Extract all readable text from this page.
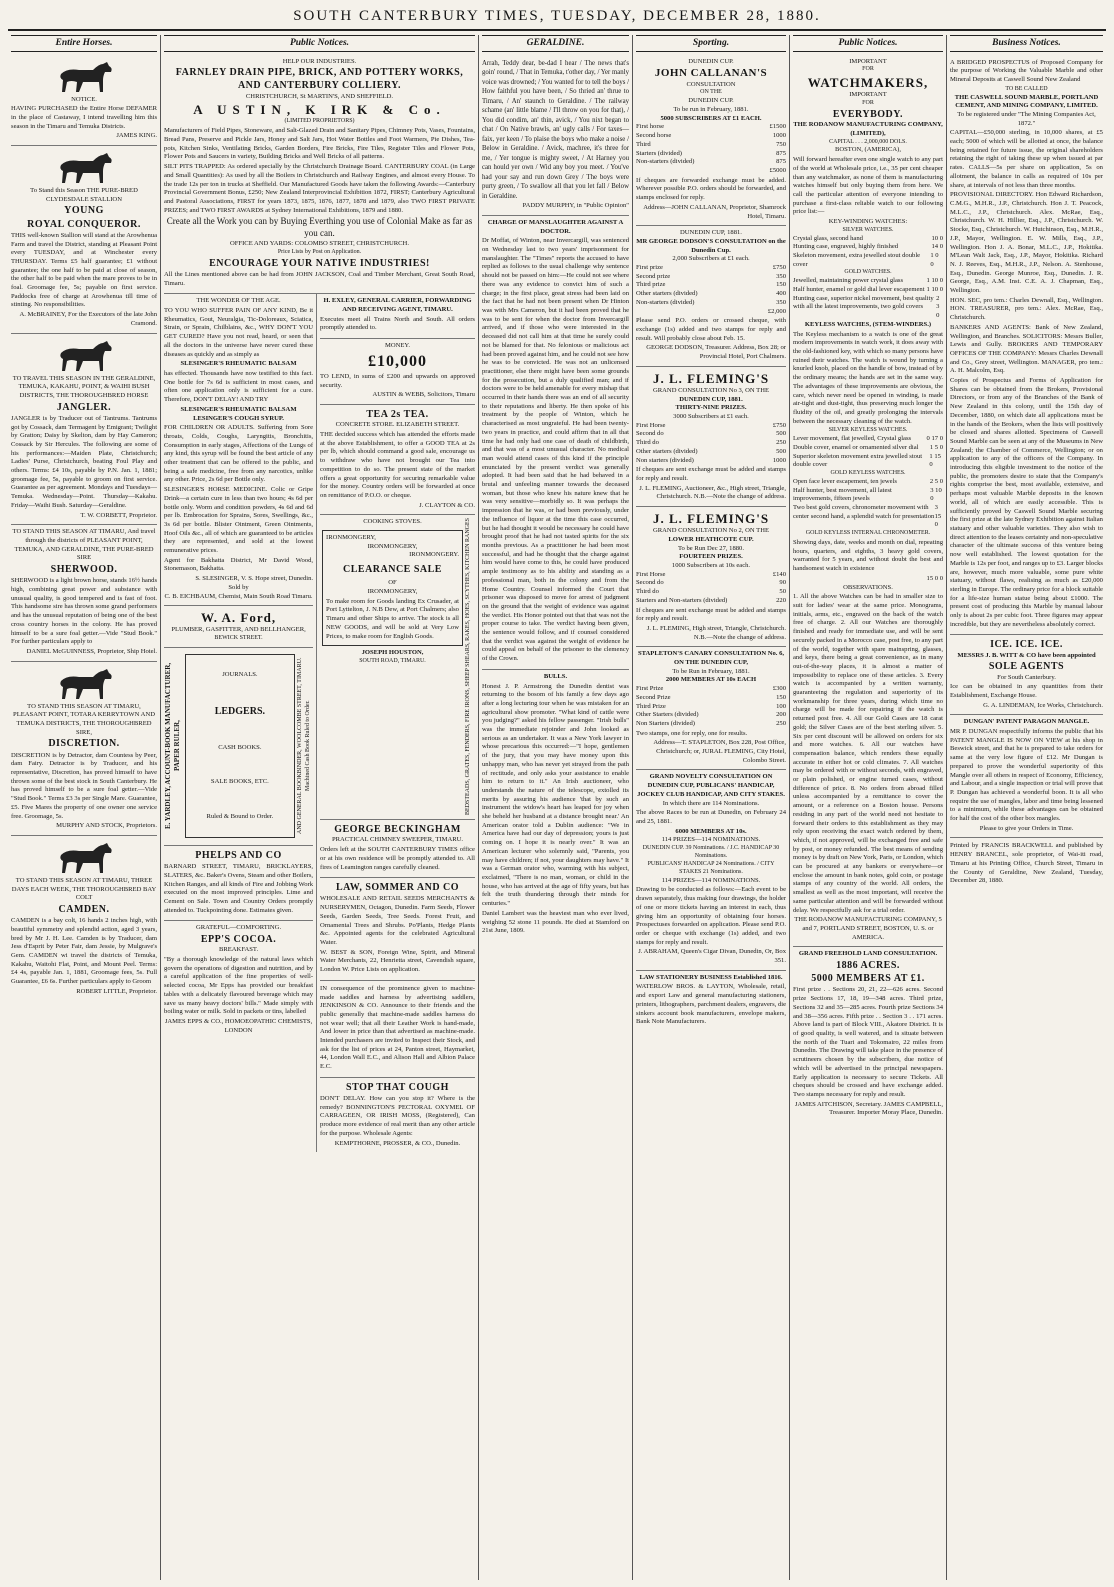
SOUTH CANTERBURY TIMES, TUESDAY, DECEMBER 28, 1880.
Entire Horses.
NOTICE.

HAVING PURCHASED the Entire Horse DEFAMER in the place of Castaway, I intend travelling him this season in the Timaru and Temuka Districts.

JAMES KING.
To Stand this Season THE PURE-BRED CLYDESDALE STALLION
YOUNG
ROYAL CONQUEROR.

THIS well-known Stallion will stand at the Arowhenua Farm and travel the District, standing at Pleasant Point every TUESDAY, and at Winchester every THURSDAY. Terms £5 half guarantee; £1 without guarantee; the one half to be paid at close of season, the other half to be paid when the mare proves to be in foal. Groomage fee, 5s; payable on first service. Paddocks free of charge at Arowhenua till time of stinting. No responsibilities.

A. McBRAINEY, For the Executors of the late John Cramond.
TO TRAVEL THIS SEASON IN THE GERALDINE, TEMUKA, KAKAHU, POINT, & WAIHI BUSH DISTRICTS, THE THOROUGHBRED HORSE
JANGLER.

JANGLER is by Traducer out of Tantrums. Tantrums got by Cossack, dam Termagent by Emigrant; Twilight by Gratton; Daisy by Skelton, dam by Hay Cameron; Cossack by Sir Hercules. The following are some of his performances:—Maiden Plate, Christchurch; Ladies' Purse, Christchurch, beating Foul Play and others. Terms: £4 10s, payable by P.N. Jan. 1, 1881; groomage fee, 5s, payable to groom on first service. Guarantee as per agreement. Mondays and Tuesdays—Temuka. Wednesday—Point. Thursday—Kakahu. Friday—Waihi Bush. Saturday—Geraldine.

T. W. CORBETT, Proprietor.
TO STAND THIS SEASON AT TIMARU, And travel through the districts of PLEASANT POINT, TEMUKA, AND GERALDINE, THE PURE-BRED SIRE
SHERWOOD.

SHERWOOD is a light brown horse, stands 16½ hands high, combining great power and substance with unusual quality, is good tempered and is fast of foot. This handsome sire has thrown some grand performers and has the unusual reputation of being one of the best cross country horses in the colony. He has proved himself to be a sure foal getter.—Vide "Stud Book." For further particulars apply to

DANIEL McGUINNESS, Proprietor, Ship Hotel.
TO STAND THIS SEASON AT TIMARU, PLEASANT POINT, TOTARA KERRYTOWN AND TEMUKA DISTRICTS, THE THOROUGHBRED SIRE,
DISCRETION.

DISCRETION is by Detractor, dam Countess by Peer, dam Fairy. Detractor is by Traducer, and his representative, Discretion, has proved himself to have thrown some of the best stock in South Canterbury. He has proved himself to be a sure foal getter.—Vide "Stud Book." Terms £3 3s per Single Mare. Guarantee, £5. Five Mares the property of one owner one service free. Groomage, 5s.

MURPHY AND STOCK, Proprietors.
TO STAND THIS SEASON AT TIMARU, THREE DAYS EACH WEEK, THE THOROUGHBRED BAY COLT
CAMDEN.

CAMDEN is a bay colt, 16 hands 2 inches high, with beautiful symmetry and splendid action, aged 3 years, bred by Mr J. H. Lee. Camden is by Traducer, dam Jess d'Esprit by Peter Fair, dam Jessie, by Mulgrave's Gem. CAMDEN wi travel the districts of Temuka, Kakahu, Waitohi Flat, Point, and Mount Peel. Terms: £4 4s, payable Jan. 1, 1881, Groomage fees, 5s. Full Guarantee, £6 6s. Further particulars apply to Groom

ROBERT LITTLE, Proprietor.
Public Notices.
HELP OUR INDUSTRIES.
FARNLEY DRAIN PIPE, BRICK, AND POTTERY WORKS, AND CANTERBURY COLLIERY.
CHRISTCHURCH, St MARTIN'S, AND SHEFFIELD.
A USTIN, K IRK & Co.
(LIMITED PROPRIETORS)

Manufacturers of Field Pipes, Stoneware, and Salt-Glazed Drain and Sanitary Pipes, Chimney Pots, Vases, Fountains, Bread Pans, Preserve and Pickle Jars, Honey and Salt Jars, Hot Water Bottles and Foot Warmers, Pie Dishes, Tea-pots, Kitchen Sinks, Ventilating Bricks, Garden Borders, Fire Bricks, Fire Tiles, Register Tiles and Flower Pots, Flower Pots and Saucers in variety, Building Bricks and Well Bricks of all patterns.

SILT PITS TRAPPED: As ordered specially by the Christchurch Drainage Board. CANTERBURY COAL (in Large and Small Quantities): As used by all the Boilers in Christchurch and Railway Engines, and almost every House. To the trade 12s per ton in trucks at Sheffield. Our Manufactured Goods have taken the following Awards:—Canterbury Provincial Government Bonus, £250; New Zealand Interprovincial Exhibition 1872, FIRST; Canterbury Agricultural and Pastoral Associations, FIRST for years 1873, 1875, 1876, 1877, 1878 and 1879, also TWO FIRST PRIVATE PRIZES; and TWO FIRST AWARDS at Sydney International Exhibitions, 1879 and 1880.

Create all the Work you can by Buying Everthing you use of Colonial Make as far as you can.
OFFICE AND YARDS: COLOMBO STREET, CHRISTCHURCH.
Price Lists by Post on Application.
ENCOURAGE YOUR NATIVE INDUSTRIES!

All the Lines mentioned above can be had from JOHN JACKSON, Coal and Timber Merchant, Great South Road, Timaru.

THE WONDER OF THE AGE.

TO YOU WHO SUFFER PAIN OF ANY KIND, Be it Rheumatics, Gout, Neuralgia, Tic-Doloreaux, Sciatica, Strain, or Sprain, Chilblains, &c., WHY DON'T YOU GET CURED? Have you not read, heard, or seen that all the doctors in the universe have never cured these diseases as quickly and as simply as

SLESINGER'S RHEUMATIC BALSAM

has effected. Thousands have now testified to this fact. One bottle for 7s 6d is sufficient in most cases, and often one application only is sufficient for a cure. Therefore, DON'T DELAY! AND TRY

SLESINGER'S RHEUMATIC BALSAM
LESINGER'S COUGH SYRUP.

FOR CHILDREN OR ADULTS. Suffering from Sore throats, Colds, Coughs, Laryngitis, Bronchitis, Consumption in early stages, Affections of the Lungs of any kind, this syrup will be found the best article of any other treatment that can be offered to the public, and being a safe medicine, free from any narcotics, unlike any other. Price, 2s 6d per Bottle only.

SLESINGER'S HORSE MEDICINE. Colic or Gripe Drink—a certain cure in less than two hours; 4s 6d per bottle only. Worm and condition powders, 4s 6d and 6d per lb. Embrocation for Sprains, Sores, Swellings, &c., 3s 6d per bottle. Blister Ointment, Green Ointments, Hoof Oils &c., all of which are guaranteed to be articles they are represented, and sold at the lowest remunerative prices.

Agent for Bakhatta District, Mr David Wood, Stonemason, Bakhatta.

S. SLESINGER, V. S. Hope street, Dunedin.
Sold by
C. B. EICHBAUM, Chemist, Main South Road Timaru.
W. A. Ford,
PLUMBER, GASFITTER, AND BELLHANGER,
BEWICK STREET.
E. YARDLEY, ACCOUNT-BOOK MANUFACTURER, PAPER RULER,
JOURNALS.
LEDGERS.
CASH BOOKS.
SALE BOOKS, ETC.
Ruled & Bound to Order.	AND GENERAL BOOKBINDER, WOOLCOMBE STREET, TIMARU. Machined Cash Book Ruled to Order.
PHELPS AND CO

BARNARD STREET, TIMARU, BRICKLAYERS, SLATERS, &c. Baker's Ovens, Steam and other Boilers, Kitchen Ranges, and all kinds of Fire and Jobbing Work executed on the most improved principles. Lime and Cement on Sale. Town and Country Orders promptly attended to. Tuckpointing done. Estimates given.

GRATEFUL—COMFORTING.
EPP'S COCOA.
BREAKFAST.

"By a thorough knowledge of the natural laws which govern the operations of digestion and nutrition, and by a careful application of the fine properties of well-selected cocoa, Mr Epps has provided our breakfast tables with a delicately flavoured beverage which may save us many heavy doctors' bills." Made simply with boiling water or milk. Sold in packets or tins, labelled

JAMES EPPS & CO., HOMOEOPATHIC CHEMISTS, LONDON
H. EXLEY, GENERAL CARRIER, FORWARDING AND RECEIVING AGENT, TIMARU.

Executes meet all Trains North and South. All orders promptly attended to.

MONEY.
£10,000

TO LEND, in sums of £200 and upwards on approved security.

AUSTIN & WEBB, Solicitors, Timaru
TEA 2s TEA.
CONCRETE STORE. ELIZABETH STREET.

THE decided success which has attended the efforts made at the above Establishment, to offer a GOOD TEA at 2s per lb, which should command a good sale, encourage us to withdraw who have not brought our Tea into competition to do so. The present state of the market offers a great opportunity for securing remarkable value for the money. Country orders will be forwarded at once on remittance of P.O.O. or cheque.

J. CLAYTON & CO.
COOKING STOVES.
IRONMONGERY,
IRONMONGERY,
IRONMONGERY.
CLEARANCE SALE
OF
IRONMONGERY,

To make room for Goods landing Ex Crusader, at Port Lyttelton, J. N.B Dew, at Port Chalmers; also Timaru and other Ships to arrive. The stock is all NEW GOODS, and will be sold at Very Low Prices, to make room for English Goods.

JOSEPH HOUSTON,
SOUTH ROAD, TIMARU.	BEDSTEADS, GRATES, FENDERS, FIRE IRONS, SHEEP SHEARS, RAKES, HOES, SCYTHES, KITCHEN RANGES
GEORGE BECKINGHAM
PRACTICAL CHIMNEY SWEEPER, TIMARU.

Orders left at the SOUTH CANTERBURY TIMES office or at his own residence will be promptly attended to. All fires of Leamington ranges carefully cleaned.

LAW, SOMMER AND CO

WHOLESALE AND RETAIL SEEDS MERCHANTS & NURSERYMEN, Octagon, Dunedin. Farm Seeds, Flower Seeds, Garden Seeds, Tree Seeds. Forest Fruit, and Ornamental Trees and Shrubs. Po'Plants, Hedge Plants &c. Appointed agents for the celebrated Agricultural Water.

W. BEST & SON, Foreign Wine, Spirit, and Mineral Water Merchants, 22, Henrietta street, Cavendish square, London W. Price Lists on application.

IN consequence of the prominence given to machine-made saddles and harness by advertising saddlers, JENKINSON & CO. Announce to their friends and the public generally that machine-made saddles harness do not wear well; that all their Leather Work is hand-made, And lower in price than that advertised as machine-made. Intended purchasers are invited to Inspect their Stock, and ask for the list of prices at 24, Panton street, Haymarket, 44, London Wall E.C., and Alison Hall and Albion Palace E.C.

STOP THAT COUGH

DON'T DELAY. How can you stop it? Where is the remedy? BONNINGTON'S PECTORAL OXYMEL OF CARRAGEEN, OR IRISH MOSS, (Registered), Can produce more evidence of real merit than any other article for the purpose. Wholesale Agents:

KEMPTHORNE, PROSSER, & CO., Dunedin.
GERALDINE.

Arrah, Teddy dear, be-dad I hear / The news that's goin' round, / That in Temuka, t'other day, / Yer manly voice was drowned; / You wanted for to tell the boys / How faithful you have been, / So thried an' thrue to Timaru, / An' staunch to Geraldine. / The railway schame (an' little blame / I'll throw on you for that), / You did condim, an' thin, avick, / You nixt began to chat / On Native brawls, an' ugly calls / For taxes—faix, yer keen / To plaise the boys who make a noise / Below in Geraldine. / Avick, machree, it's three for me, / Yer tongue is mighty sweet, / At Harney you can hould yer own / Wid any boy you meet. / You've had your say and run down Grey / The boys were purty green, / To swallow all that you let fall / Below in Geraldine.

PADDY MURPHY, in "Public Opinion"
CHARGE OF MANSLAUGHTER AGAINST A DOCTOR.

Dr Moffat, of Winton, near Invercargill, was sentenced on Wednesday last to two years' imprisonment for manslaughter. The "Times" reports the accused to have replied as follows to the usual challenge why sentence should not be passed on him:—He could not see where there was any evidence to convict him of such a charge; in the first place, great stress had been laid on the fact that he had not been present when Dr Hinton was with Mrs Cameron, but it had been proved that he was to be sent for when the doctor from Invercargill arrived, and if those who were interested in the deceased did not call him at that time he surely could not be blamed for that. No felonious or malicious act had been proved against him, and he could not see how he was to be convicted. He was not an unlicensed practitioner, else there might have been some grounds for the prosecution, but a duly qualified man; and if doctors were to be held amenable for every mishap that occurred in their hands there was an end of all security to their reputations and liberty. He then spoke of his treatment by the people of Winton, which he characterised as most ungrateful. He had been twenty-two years in practice, and could affirm that in all that time he had only had one case of death of childbirth, and that was of a most unusual character. No medical man would attend cases of this kind if the principle enunciated by the present verdict was generally adopted. It had been said that he had behaved in a brutal and unfeeling manner towards the deceased woman, but those who knew his nature knew that he was very sensitive—morbidly so. It was perhaps the impression that he was, or had been previously, under the influence of liquor at the time this case occurred, but he had thought it would be necessary he could have brought proof that he had not tasted spirits for the six months previous. As a practitioner he had been most successful, and had he thought that the charge against him would have come to this, he could have produced ample testimony as to his ability and standing as a professional man, both in the colony and from the Home Country. Counsel informed the Court that prisoner was disposed to move for arrest of judgment on the ground that the weight of evidence was against the verdict. His Honor pointed out that that was not the proper course to take. The verdict having been given, the sentence would follow, and if counsel considered that the verdict was against the weight of evidence he could appeal on behalf of the prisoner to the clemency of the Crown.

BULLS.

Honest J. P. Armstrong the Dunedin dentist was returning to the bosom of his family a few days ago after a long lecturing tour when he was mistaken for an agricultural show promoter. "What kind of cattle were you judging?" asked his fellow passenger. "Irish bulls" was the immediate rejoinder and John looked as serious as an undertaker. It was a New York lawyer in whose precarious this occurred:—"I hope, gentlemen of the jury, that you may have money upon this unhappy man, who has never yet strayed from the path of rectitude, and only asks your assistance to enable him to return to it." An Irish auctioneer, who understands the nature of the telescope, extolled its merits by assuring his audience 'that by such an instrument the widow's heart has leaped for joy when she beheld her husband at a distance brought near.' An American orator told a Dublin audience: "We in America have had our day of depression; yours is just coming on. I hope it is nearly over." It was an American lecturer who solemnly said, "Parents, you may have children; if not, your daughters may have." It was a German orator who, warming with his subject, exclaimed, "There is no man, woman, or child in the house, who has arrived at the age of fifty years, but has felt the truth thundering through their minds for centuries."

Daniel Lambert was the heaviest man who ever lived, weighing 52 stone 11 pounds. He died at Stamford on 21st June, 1809.

Sporting.
DUNEDIN CUP.
JOHN CALLANAN'S
CONSULTATION
ON THE
DUNEDIN CUP.
To be run in February, 1881.
5000 SUBSCRIBERS AT £1 EACH.
First horse	£1500
Second horse	1000
Third	750
Starters (divided)	875
Non-starters (divided)	875
£5000

If cheques are forwarded exchange must be added. Wherever possible P.O. orders should be forwarded, and stamps enclosed for reply.

Address—JOHN CALLANAN, Proprietor, Shamrock Hotel, Timaru.
DUNEDIN CUP, 1881.
MR GEORGE DODSON'S CONSULTATION on the Dunedin Cup.
2,000 Subscribers at £1 each.
First prize	£750
Second prize	350
Third prize	150
Other starters (divided)	400
Non-starters (divided)	350
£2,000

Please send P.O. orders or crossed cheque, with exchange (1s) added and two stamps for reply and result. Will probably close about Feb. 15.

GEORGE DODSON, Treasurer. Address, Box 28; or Provincial Hotel, Port Chalmers.
J. L. FLEMING'S
GRAND CONSULTATION No 3, ON THE
DUNEDIN CUP, 1881.
THIRTY-NINE PRIZES.
3000 Subscribers at £1 each.
First Horse	£750
Second do	500
Third do	250
Other starters (divided)	500
Non starters (divided)	1000

If cheques are sent exchange must be added and stamps for reply and result.

J. L. FLEMING, Auctioneer, &c., High street, Triangle, Christchurch. N.B.—Note the change of address.
J. L. FLEMING'S
GRAND CONSULTATION No 2, ON THE
LOWER HEATHCOTE CUP.
To be Run Dec 27, 1880.
FOURTEEN PRIZES.
1000 Subscribers at 10s each.
First Horse	£140
Second do	90
Third do	50
Starters and Non-starters (divided)	220

If cheques are sent exchange must be added and stamps for reply and result.

J. L. FLEMING, High street, Triangle, Christchurch. N.B.—Note the change of address.
STAPLETON'S CANARY CONSULTATION No. 6, ON THE DUNEDIN CUP,
To be Run in February, 1881.
2000 MEMBERS AT 10s EACH
First Prize	£300
Second Prize	150
Third Prize	100
Other Starters (divided)	200
Non Starters (divided)	250

Two stamps, one for reply, one for results.

Address—T. STAPLETON, Box 228, Post Office, Christchurch; or, JURAL FLEMING, City Hotel, Colombo Street.
GRAND NOVELTY CONSULTATION ON DUNEDIN CUP, PUBLICANS' HANDICAP, JOCKEY CLUB HANDICAP, AND CITY STAKES.
In which there are 114 Nominations.

The above Races to be run at Dunedin, on February 24 and 25, 1881.

6000 MEMBERS AT 10s.
114 PRIZES—114 NOMINATIONS.
DUNEDIN CUP. 39 Nominations. / J.C. HANDICAP 30 Nominations.
PUBLICANS' HANDICAP 24 Nominations. / CITY STAKES 21 Nominations.
114 PRIZES—114 NOMINATIONS.

Drawing to be conducted as follows:—Each event to be drawn separately, thus making four drawings, the holder of one or more tickets having an interest in each, thus giving him an opportunity of obtaining four horses. Prospectuses forwarded on application. Please send P.O. order or cheque with exchange (1s) added, and two stamps for reply and result.

J. ABRAHAM, Queen's Cigar Divan, Dunedin, Or, Box 351.
LAW STATIONERY BUSINESS Established 1816.

WATERLOW BROS. & LAYTON, Wholesale, retail, and export Law and general manufacturing stationers, printers, lithographers, parchment dealers, engravers, die sinkers account book manufacturers, envelope makers, Bank Note Manufacturers.

Public Notices.
IMPORTANT
FOR
WATCHMAKERS,
IMPORTANT
FOR
EVERYBODY.
THE RODANOW MANUFACTURING COMPANY, (LIMITED),
CAPITAL . . . 2,000,000 DOLS.
BOSTON, (AMERICA),

Will forward hereafter even one single watch to any part of the world at Wholesale price, i.e., 35 per cent cheaper than any watchmaker, as none of them is manufacturing watches himself but only buying them from here. We call the particular attention of everyone intending to purchase a first-class reliable watch to our following price list:—

KEY-WINDING WATCHES:
SILVER WATCHES.
Crystal glass, second hand	10 0
Hunting case, engraved, highly finished	14 0
Skeleton movement, extra jewelled stout double cover
1 0 0
GOLD WATCHES.
Jewelled, maintaining power crystal glass	1 10 0
Half hunter, enamel or gold dial lever escapement 1 10 0
Hunting case, superior nickel movement, best quality with all the latest improvements, two gold covers
2 3 0
KEYLESS WATCHES, (STEM-WINDERS.)

The Keyless mechanism to a watch is one of the great modern improvements in watch work, it does away with the old-fashioned key, with which so many persons have ruined their watches. The watch is wound by turning a knurled knob, placed on the handle of bow, instead of by the ordinary means; the hands are set in the same way. The advantages of these improvements are obvious, the care, which never need be opened in winding, is made air-tight and dust-tight, thus preserving much longer the fluidity of the oil, and greatly prolonging the intervals between the necessary cleaning of the watch.

SILVER KEYLESS WATCHES.
Lever movement, flat jewelled, Crystal glass 0 17 0
Double cover, enamel or ornamented silver dial 1 5 0
Superior skeleton movement extra jewelled stout double cover
1 15 0
GOLD KEYLESS WATCHES.
Open face lever escapement, ten jewels	2 5 0
Half hunter, best movement, all latest improvements, fifteen jewels
3 10 0
Two best gold covers, chronometer movement with center second hand, a splendid watch for presentation
3 15 0
GOLD KEYLESS INTERNAL CHRONOMETER.

Showing days, date, weeks and month on dial, repeating hours, quarters, and eighths, 3 heavy gold covers, warranted for 5 years, and without doubt the best and handsomest watch in existence

15 0 0
OBSERVATIONS.

1. All the above Watches can be had in smaller size to suit for ladies' wear at the same price. Monograms, initials, arms, etc., engraved on the back of the watch free of charge. 2. All our Watches are thoroughly finished and ready for immediate use, and will be sent securely packed in a Morocco case, post free, to any part of the world, together with spare mainspring, glasses, and keys, there being a great convenience, as in many out-of-the-way places, it is almost a matter of impossibility to replace one of these articles. 3. Every watch is accompanied by a written warranty, guaranteeing the regulation and superiority of its workmanship for three years, during which time no charge will be made for repairing if the watch is returned post free. 4. All our Gold Cases are 18 carat gold; the Silver Cases are of the best sterling silver. 5. Six per cent discount will be allowed on orders for six and more watches. 6. All our watches have compensation balance, which renders these equally accurate in either hot or cold climates. 7. All watches may be ordered with or without seconds, with engraved, or plain polished, or engine turned cases, without difference of price. 8. No orders from abroad filled unless accompanied by a remittance to cover the amount, or a reference on a Boston house. Persons residing in any part of the world need not hesitate to forward their orders to this establishment as they may rely upon receiving the exact watch ordered by them, which, if not approved, will be exchanged free and safe by post, or money refunded. The best means of sending money is by draft on New York, Paris, or London, which can be procured at any bankers or everywhere—or enclose the amount in bank notes, gold coin, or postage stamps of any country of the world. All orders, the smallest as well as the most important, will receive the same particular attention and will be forwarded without delay. We respectfully ask for a trial order.

THE RODANOW MANUFACTURING COMPANY, 5 and 7, PORTLAND STREET, BOSTON, U. S. or AMERICA.
GRAND FREEHOLD LAND CONSULTATION.
1886 ACRES.
5000 MEMBERS AT £1.

First prize . . Sections 20, 21, 22—626 acres. Second prize Sections 17, 18, 19—348 acres. Third prize, Sections 32 and 35—285 acres. Fourth prize Sections 34 and 38—356 acres. Fifth prize . . Section 3 . . 171 acres. Above land is part of Block VIII., Akatore District. It is of good quality, is well watered, and is situate between the north of the Tuari and Tokomairo, 22 miles from Dunedin. The Drawing will take place in the presence of scrutineers chosen by the subscribers, due notice of which will be advertised in the principal newspapers. Early application is necessary to secure Tickets. All cheques should be crossed and have exchange added. Two stamps necessary for reply and result.

JAMES AITCHISON, Secretary. JAMES CAMPBELL, Treasurer. Importer Moray Place, Dunedin.
Business Notices.

A BRIDGED PROSPECTUS of Proposed Company for the purpose of Working the Valuable Marble and other Mineral Deposits at Caswell Sound New Zealand

TO BE CALLED
THE CASWELL SOUND MARBLE, PORTLAND CEMENT, AND MINING COMPANY, LIMITED.
To be registered under "The Mining Companies Act, 1872."

CAPITAL—£50,000 sterling, in 10,000 shares, at £5 each; 5000 of which will be allotted at once, the balance being retained for future issue, the original shareholders retaining the right of taking these up when issued at par rates. CALLS—5s per share on application, 5s on allotment, the balance in calls as required of 10s per share, at intervals of not less than three months.

PROVISIONAL DIRECTORY. Hon Edward Richardson, C.M.G., M.H.R., J.P., Christchurch. Hon J. T. Peacock, M.L.C., J.P., Christchurch. Alex. McRae, Esq., Christchurch. W. H. Hillier, Esq., J.P., Christchurch. W. Stocke, Esq., Christchurch. W. Hutchinson, Esq., M.H.R., J.P., Mayor, Wellington. E. W. Mills, Esq., J.P., Wellington. Hon J. A. Bonar, M.L.C., J.P., Hokitika. M'Lean Walt Jack, Esq., J.P., Mayor, Hokitika. Richard N. J. Reeves, Esq., M.H.R., J.P., Nelson. A. Stenhouse, Esq., Dunedin. George Munroe, Esq., Dunedin. J. R. George, Esq., A.M. Inst. C.E. A. J. Chapman, Esq., Wellington.

HON. SEC, pro tem.: Charles Dewnall, Esq., Wellington. HON. TREASURER, pro tem.: Alex. McRae, Esq., Christchurch.

BANKERS AND AGENTS: Bank of New Zealand, Wellington, and Branches. SOLICITORS: Messrs Buller, Lewis and Gully. BROKERS AND TEMPORARY OFFICES OF THE COMPANY: Messrs Charles Dewnall and Co., Grey street, Wellington. MANAGER, pro tem.: A. H. Malcolm, Esq.

Copies of Prospectus and Forms of Application for Shares can be obtained from the Brokers, Provisional Directors, or from any of the Branches of the Bank of New Zealand in this colony, until the 15th day of December, 1880, on which date all applications must be in the hands of the Brokers, when the lists will positively be closed and shares allotted. Specimens of Caswell Sound Marble can be seen at any of the Museums in New Zealand; the Chamber of Commerce, Wellington; or on application to any of the officers of the Company. In introducing this eligible investment to the notice of the public, the promoters desire to state that the Company's rights comprise the best, most available, extensive, and perhaps most valuable Marble deposits in the known world, all of which are easily accessible. This is sufficiently proved by Caswell Sound Marble securing the first prize at the late Sydney Exhibition against Italian statuary and other valuable varieties. They also wish to direct attention to the leases certainty and non-speculative character of the ultimate success of this venture being now well established. The lowest quotation for the Marble is 12s per foot, and ranges up to £3. Larger blocks are, however, much more valuable, some pure white statuary, without flaws, realising as much as £20,000 sterling in Europe. The ordinary price for a block suitable for a life-size human statue being about £1000. The present cost of producing this Marble by manual labour only is about 2s per cubic foot. Three figures may appear incredible, but they are nevertheless absolutely correct.

ICE. ICE. ICE.
MESSRS J. B. WITT & CO have been appointed
SOLE AGENTS
For South Canterbury.

Ice can be obtained in any quantities from their Establishment, Exchange House.

G. A. LINDEMAN, Ice Works, Christchurch.
DUNGAN' PATENT PARAGON MANGLE.

MR P. DUNGAN respectfully informs the public that his PATENT MANGLE IS NOW ON VIEW at his shop in Beswick street, and that he is prepared to take orders for same at the very low figure of £12. Mr Dungan is prepared to prove the wonderful superiority of this Mangle over all others in respect of Economy, Efficiency, and Labour, and a single inspection or trial will prove that P. Dungan has achieved a wonderful boon. It is all who require the use of mangles, labor and time being lessened to a minimum, while these advantages can be obtained for half the cost of the other box mangles.

Please to give your Orders in Time.

Printed by FRANCIS BRACKWELL and published by HENRY BRANCEL, sole proprietor, of Wai-iti road, Timaru at his Printing Office, Church Street, Timaru in the County of Geraldine, New Zealand, Tuesday, December 28, 1880.
